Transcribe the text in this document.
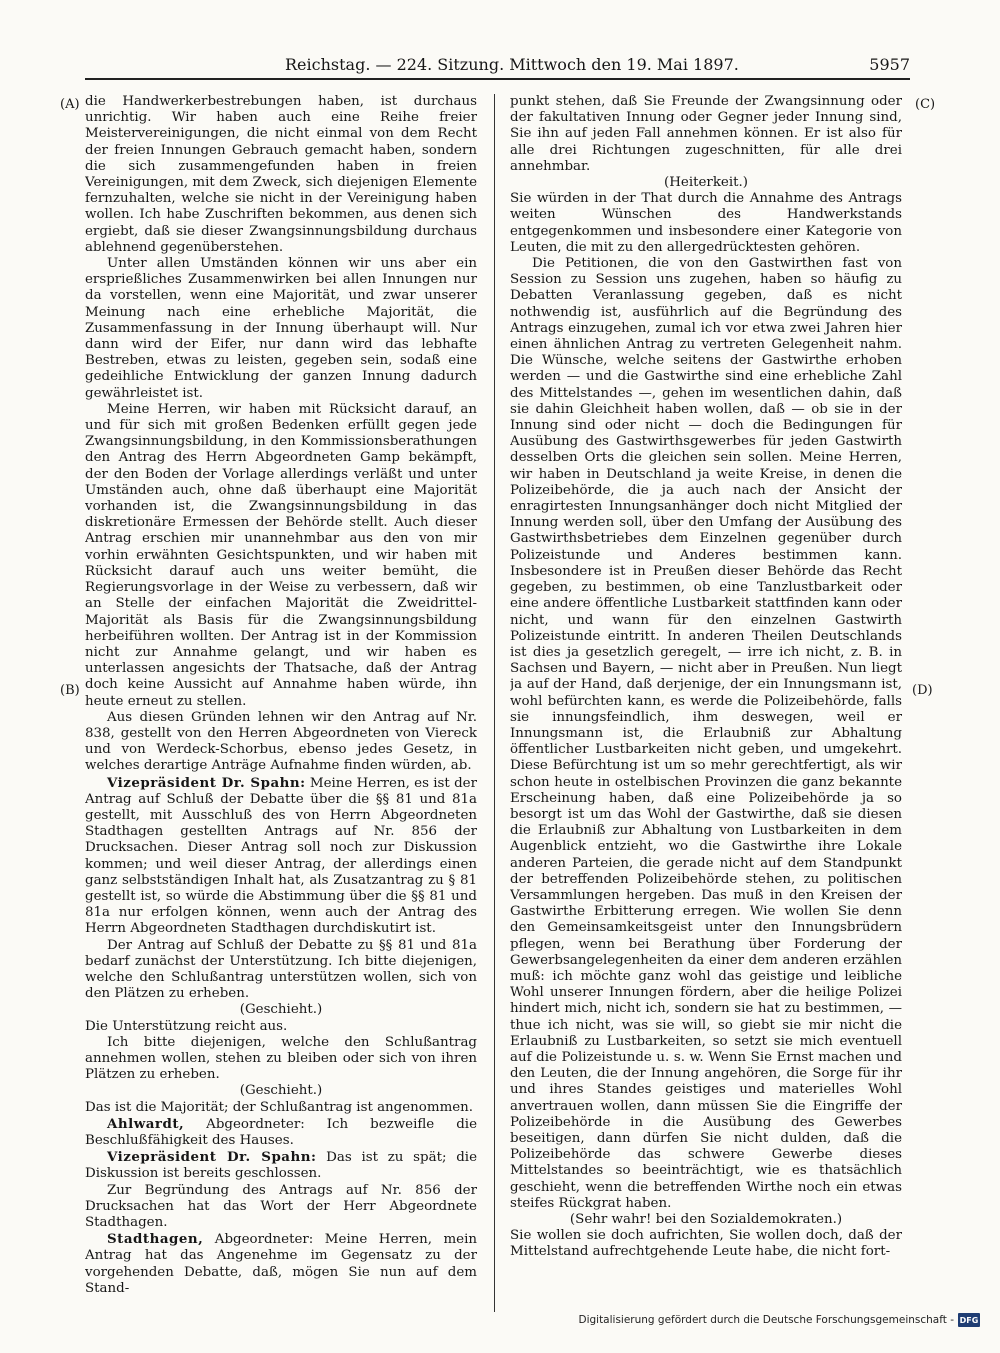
Reichstag. — 224. Sitzung. Mittwoch den 19. Mai 1897.	5957
(A)
(B)
(C)
(D)

die Handwerkerbestrebungen haben, ist durchaus unrichtig. Wir haben auch eine Reihe freier Meistervereinigungen, die nicht einmal von dem Recht der freien Innungen Gebrauch gemacht haben, sondern die sich zusammengefunden haben in freien Vereinigungen, mit dem Zweck, sich diejenigen Elemente fernzuhalten, welche sie nicht in der Vereinigung haben wollen. Ich habe Zuschriften bekommen, aus denen sich ergiebt, daß sie dieser Zwangsinnungsbildung durchaus ablehnend gegenüberstehen.

Unter allen Umständen können wir uns aber ein ersprießliches Zusammenwirken bei allen Innungen nur da vorstellen, wenn eine Majorität, und zwar unserer Meinung nach eine erhebliche Majorität, die Zusammenfassung in der Innung überhaupt will. Nur dann wird der Eifer, nur dann wird das lebhafte Bestreben, etwas zu leisten, gegeben sein, sodaß eine gedeihliche Entwicklung der ganzen Innung dadurch gewährleistet ist.

Meine Herren, wir haben mit Rücksicht darauf, an und für sich mit großen Bedenken erfüllt gegen jede Zwangsinnungsbildung, in den Kommissionsberathungen den Antrag des Herrn Abgeordneten Gamp bekämpft, der den Boden der Vorlage allerdings verläßt und unter Umständen auch, ohne daß überhaupt eine Majorität vorhanden ist, die Zwangsinnungsbildung in das diskretionäre Ermessen der Behörde stellt. Auch dieser Antrag erschien mir unannehmbar aus den von mir vorhin erwähnten Gesichtspunkten, und wir haben mit Rücksicht darauf auch uns weiter bemüht, die Regierungsvorlage in der Weise zu verbessern, daß wir an Stelle der einfachen Majorität die Zweidrittel-Majorität als Basis für die Zwangsinnungsbildung herbeiführen wollten. Der Antrag ist in der Kommission nicht zur Annahme gelangt, und wir haben es unterlassen angesichts der Thatsache, daß der Antrag doch keine Aussicht auf Annahme haben würde, ihn heute erneut zu stellen.

Aus diesen Gründen lehnen wir den Antrag auf Nr. 838, gestellt von den Herren Abgeordneten von Viereck und von Werdeck-Schorbus, ebenso jedes Gesetz, in welches derartige Anträge Aufnahme finden würden, ab.

Vizepräsident Dr. Spahn: Meine Herren, es ist der Antrag auf Schluß der Debatte über die §§ 81 und 81a gestellt, mit Ausschluß des von Herrn Abgeordneten Stadthagen gestellten Antrags auf Nr. 856 der Drucksachen. Dieser Antrag soll noch zur Diskussion kommen; und weil dieser Antrag, der allerdings einen ganz selbstständigen Inhalt hat, als Zusatzantrag zu § 81 gestellt ist, so würde die Abstimmung über die §§ 81 und 81a nur erfolgen können, wenn auch der Antrag des Herrn Abgeordneten Stadthagen durchdiskutirt ist.

Der Antrag auf Schluß der Debatte zu §§ 81 und 81a bedarf zunächst der Unterstützung. Ich bitte diejenigen, welche den Schlußantrag unterstützen wollen, sich von den Plätzen zu erheben.

(Geschieht.)

Die Unterstützung reicht aus.

Ich bitte diejenigen, welche den Schlußantrag annehmen wollen, stehen zu bleiben oder sich von ihren Plätzen zu erheben.

(Geschieht.)

Das ist die Majorität; der Schlußantrag ist angenommen.

Ahlwardt, Abgeordneter: Ich bezweifle die Beschlußfähigkeit des Hauses.

Vizepräsident Dr. Spahn: Das ist zu spät; die Diskussion ist bereits geschlossen.

Zur Begründung des Antrags auf Nr. 856 der Drucksachen hat das Wort der Herr Abgeordnete Stadthagen.

Stadthagen, Abgeordneter: Meine Herren, mein Antrag hat das Angenehme im Gegensatz zu der vorgehenden Debatte, daß, mögen Sie nun auf dem Stand-

punkt stehen, daß Sie Freunde der Zwangsinnung oder der fakultativen Innung oder Gegner jeder Innung sind, Sie ihn auf jeden Fall annehmen können. Er ist also für alle drei Richtungen zugeschnitten, für alle drei annehmbar.

(Heiterkeit.)

Sie würden in der That durch die Annahme des Antrags weiten Wünschen des Handwerkstands entgegenkommen und insbesondere einer Kategorie von Leuten, die mit zu den allergedrücktesten gehören.

Die Petitionen, die von den Gastwirthen fast von Session zu Session uns zugehen, haben so häufig zu Debatten Veranlassung gegeben, daß es nicht nothwendig ist, ausführlich auf die Begründung des Antrags einzugehen, zumal ich vor etwa zwei Jahren hier einen ähnlichen Antrag zu vertreten Gelegenheit nahm. Die Wünsche, welche seitens der Gastwirthe erhoben werden — und die Gastwirthe sind eine erhebliche Zahl des Mittelstandes —, gehen im wesentlichen dahin, daß sie dahin Gleichheit haben wollen, daß — ob sie in der Innung sind oder nicht — doch die Bedingungen für Ausübung des Gastwirthsgewerbes für jeden Gastwirth desselben Orts die gleichen sein sollen. Meine Herren, wir haben in Deutschland ja weite Kreise, in denen die Polizeibehörde, die ja auch nach der Ansicht der enragirtesten Innungsanhänger doch nicht Mitglied der Innung werden soll, über den Umfang der Ausübung des Gastwirthsbetriebes dem Einzelnen gegenüber durch Polizeistunde und Anderes bestimmen kann. Insbesondere ist in Preußen dieser Behörde das Recht gegeben, zu bestimmen, ob eine Tanzlustbarkeit oder eine andere öffentliche Lustbarkeit stattfinden kann oder nicht, und wann für den einzelnen Gastwirth Polizeistunde eintritt. In anderen Theilen Deutschlands ist dies ja gesetzlich geregelt, — irre ich nicht, z. B. in Sachsen und Bayern, — nicht aber in Preußen. Nun liegt ja auf der Hand, daß derjenige, der ein Innungsmann ist, wohl befürchten kann, es werde die Polizeibehörde, falls sie innungsfeindlich, ihm deswegen, weil er Innungsmann ist, die Erlaubniß zur Abhaltung öffentlicher Lustbarkeiten nicht geben, und umgekehrt. Diese Befürchtung ist um so mehr gerechtfertigt, als wir schon heute in ostelbischen Provinzen die ganz bekannte Erscheinung haben, daß eine Polizeibehörde ja so besorgt ist um das Wohl der Gastwirthe, daß sie diesen die Erlaubniß zur Abhaltung von Lustbarkeiten in dem Augenblick entzieht, wo die Gastwirthe ihre Lokale anderen Parteien, die gerade nicht auf dem Standpunkt der betreffenden Polizeibehörde stehen, zu politischen Versammlungen hergeben. Das muß in den Kreisen der Gastwirthe Erbitterung erregen. Wie wollen Sie denn den Gemeinsamkeitsgeist unter den Innungsbrüdern pflegen, wenn bei Berathung über Forderung der Gewerbsangelegenheiten da einer dem anderen erzählen muß: ich möchte ganz wohl das geistige und leibliche Wohl unserer Innungen fördern, aber die heilige Polizei hindert mich, nicht ich, sondern sie hat zu bestimmen, — thue ich nicht, was sie will, so giebt sie mir nicht die Erlaubniß zu Lustbarkeiten, so setzt sie mich eventuell auf die Polizeistunde u. s. w. Wenn Sie Ernst machen und den Leuten, die der Innung angehören, die Sorge für ihr und ihres Standes geistiges und materielles Wohl anvertrauen wollen, dann müssen Sie die Eingriffe der Polizeibehörde in die Ausübung des Gewerbes beseitigen, dann dürfen Sie nicht dulden, daß die Polizeibehörde das schwere Gewerbe dieses Mittelstandes so beeinträchtigt, wie es thatsächlich geschieht, wenn die betreffenden Wirthe noch ein etwas steifes Rückgrat haben.

(Sehr wahr! bei den Sozialdemokraten.)

Sie wollen sie doch aufrichten, Sie wollen doch, daß der Mittelstand aufrechtgehende Leute habe, die nicht fort-

Digitalisierung gefördert durch die Deutsche Forschungsgemeinschaft - DFG
